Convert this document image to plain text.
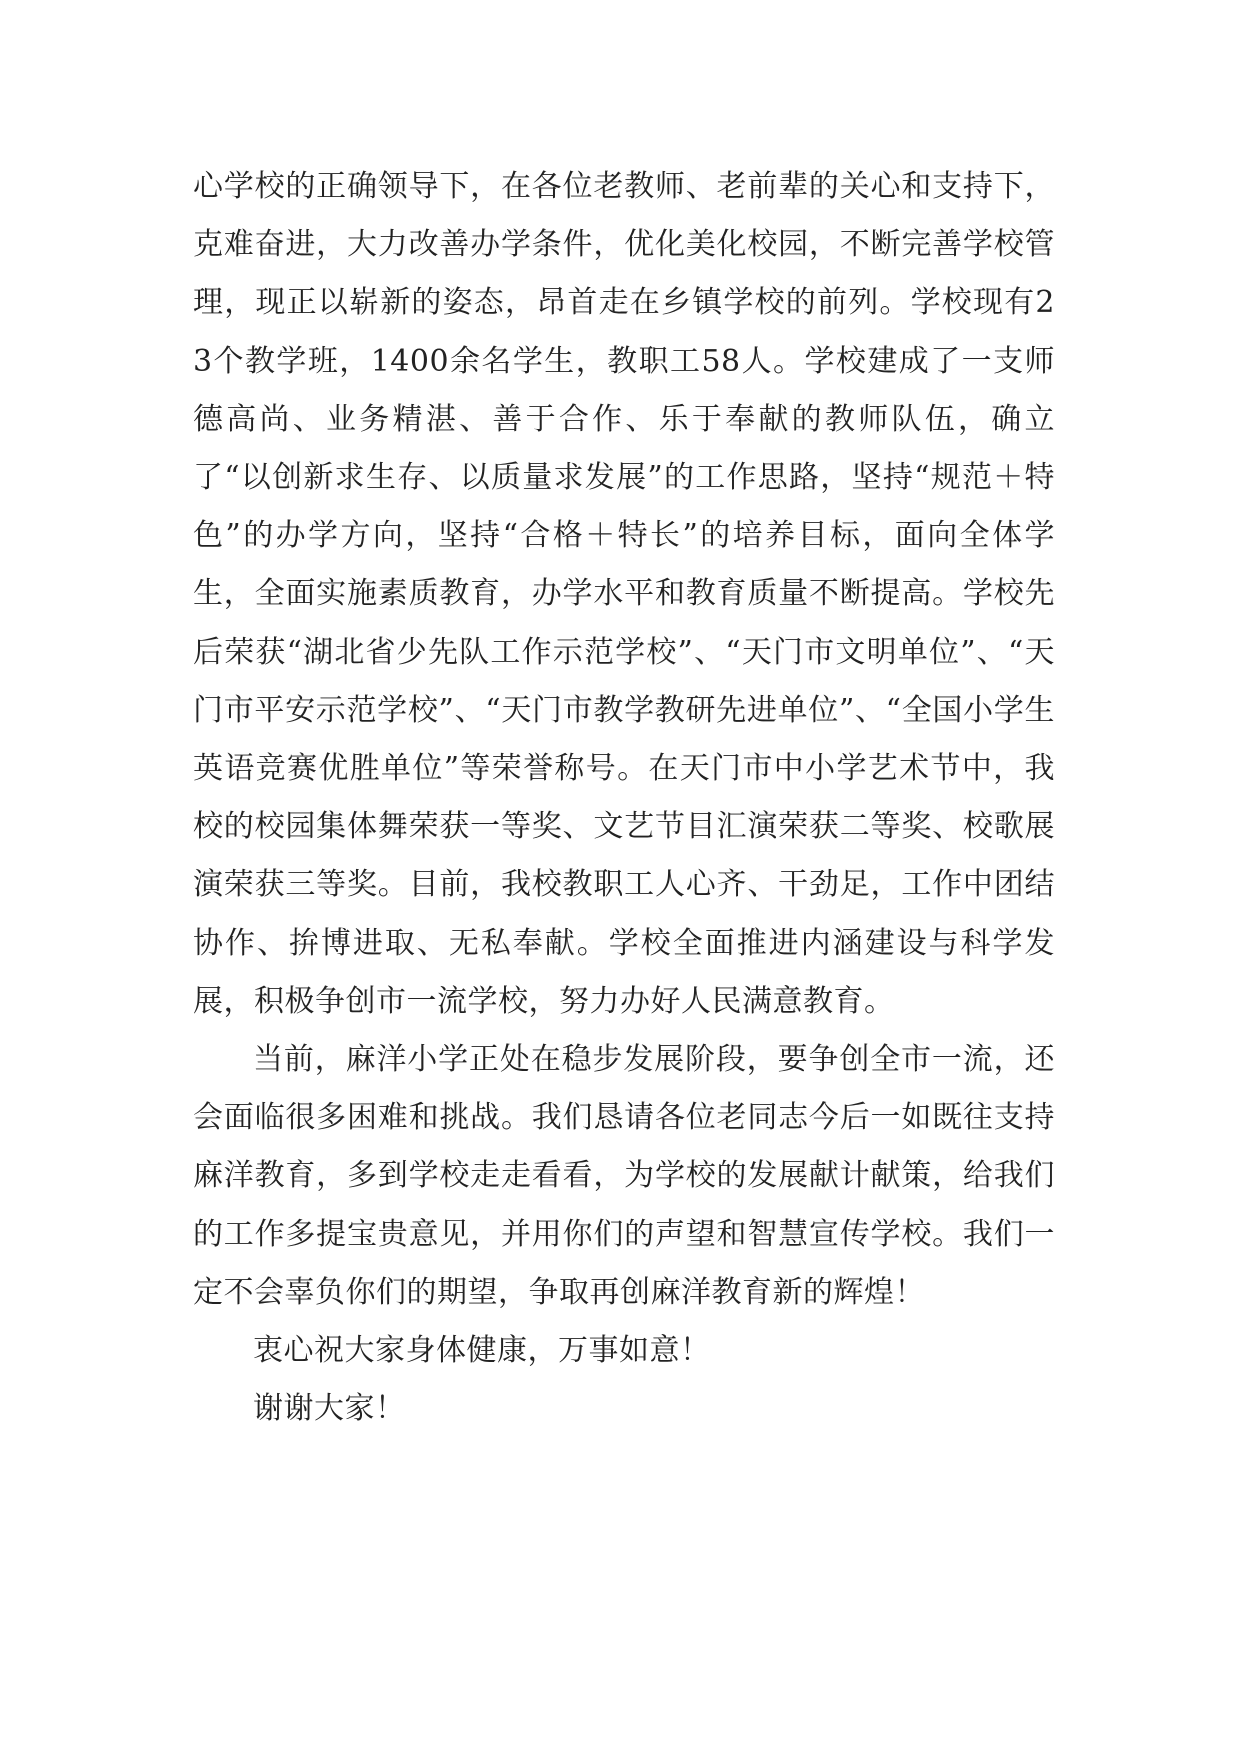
心学校的正确领导下，在各位老教师、老前辈的关心和支持下，克难奋进，大力改善办学条件，优化美化校园，不断完善学校管理，现正以崭新的姿态，昂首走在乡镇学校的前列。学校现有23个教学班，1400余名学生，教职工58人。学校建成了一支师德高尚、业务精湛、善于合作、乐于奉献的教师队伍，确立了“以创新求生存、以质量求发展”的工作思路，坚持“规范＋特色”的办学方向，坚持“合格＋特长”的培养目标，面向全体学生，全面实施素质教育，办学水平和教育质量不断提高。学校先后荣获“湖北省少先队工作示范学校”、“天门市文明单位”、“天门市平安示范学校”、“天门市教学教研先进单位”、“全国小学生英语竞赛优胜单位”等荣誉称号。在天门市中小学艺术节中，我校的校园集体舞荣获一等奖、文艺节目汇演荣获二等奖、校歌展演荣获三等奖。目前，我校教职工人心齐、干劲足，工作中团结协作、拚博进取、无私奉献。学校全面推进内涵建设与科学发展，积极争创市一流学校，努力办好人民满意教育。

当前，麻洋小学正处在稳步发展阶段，要争创全市一流，还会面临很多困难和挑战。我们恳请各位老同志今后一如既往支持麻洋教育，多到学校走走看看，为学校的发展献计献策，给我们的工作多提宝贵意见，并用你们的声望和智慧宣传学校。我们一定不会辜负你们的期望，争取再创麻洋教育新的辉煌！

衷心祝大家身体健康，万事如意！

谢谢大家！
